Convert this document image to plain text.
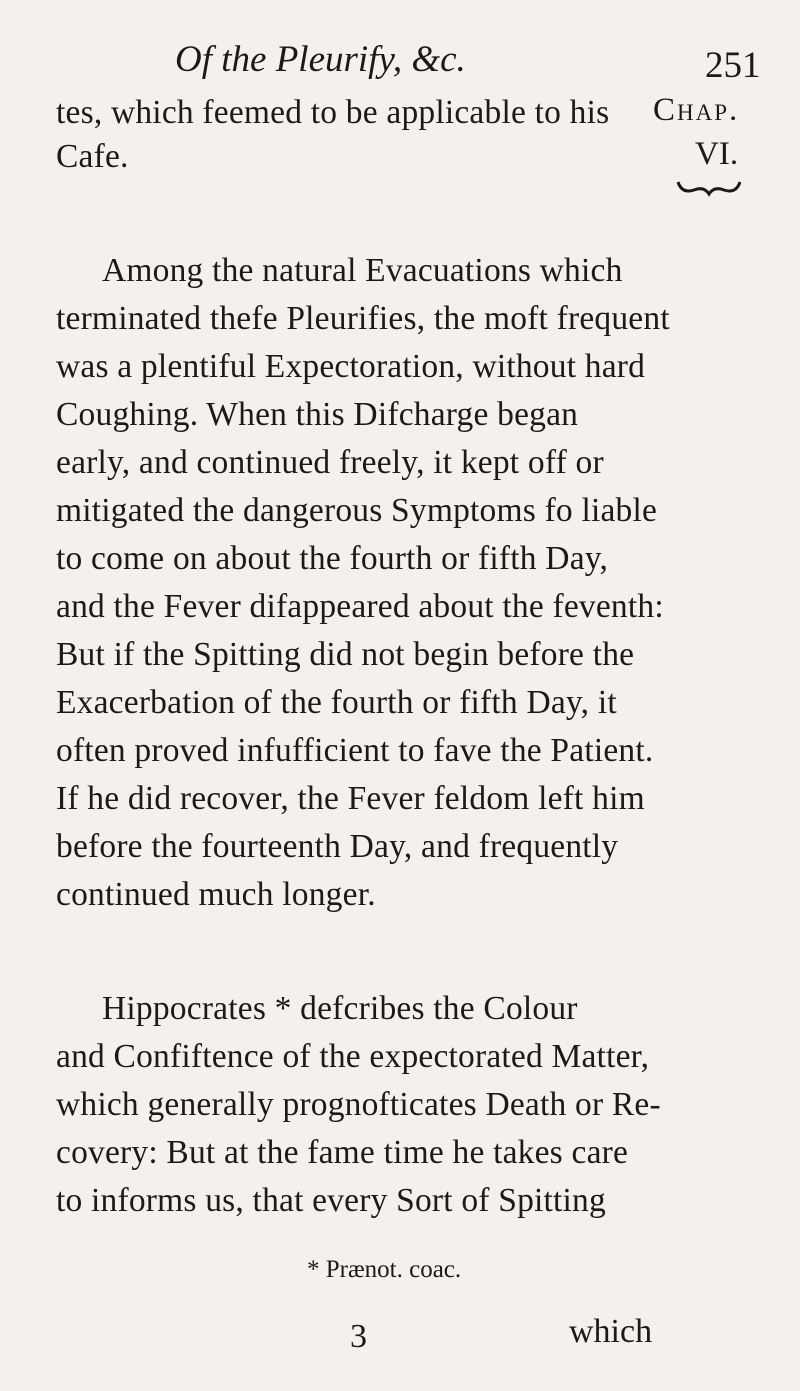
Of the Pleurify, &c.	251
Chap.
VI.
tes, which feemed to be applicable to his
Cafe.
Among the natural Evacuations which
terminated thefe Pleurifies, the moft frequent
was a plentiful Expectoration, without hard
Coughing. When this Difcharge began
early, and continued freely, it kept off or
mitigated the dangerous Symptoms fo liable
to come on about the fourth or fifth Day,
and the Fever difappeared about the feventh:
But if the Spitting did not begin before the
Exacerbation of the fourth or fifth Day, it
often proved infufficient to fave the Patient.
If he did recover, the Fever feldom left him
before the fourteenth Day, and frequently
continued much longer.
Hippocrates * defcribes the Colour
and Confiftence of the expectorated Matter,
which generally prognofticates Death or Re-
covery: But at the fame time he takes care
to informs us, that every Sort of Spitting
* Prænot. coac.
3	which
